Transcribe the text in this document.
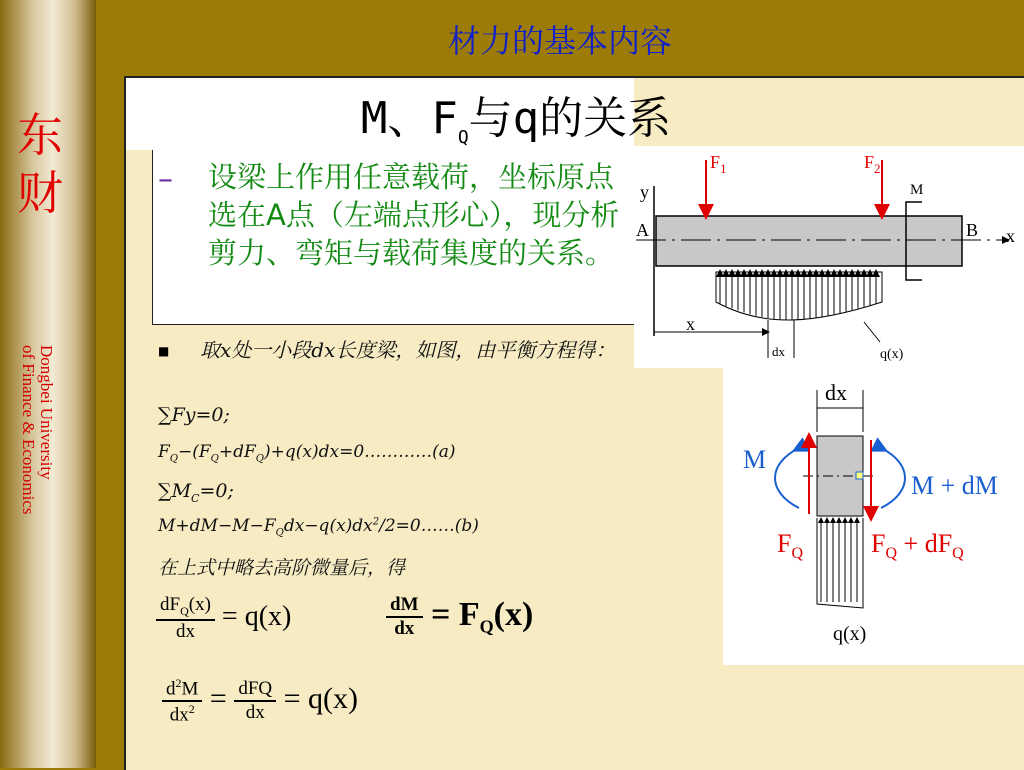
东
财
Dongbei University
of Finance & Economics
材力的基本内容
M、$F_Q$与q的关系
– 设梁上作用任意载荷，坐标原点选在A点（左端点形心），现分析剪力、弯矩与载荷集度的关系。
■ 取x处一小段dx长度梁，如图，由平衡方程得：
∑Fy=0;
$F_Q-(F_Q+dF_Q)+q(x)dx=0\dots\dots\dots\dots(a)$
$\sum M_C=0$;
$M+dM-M-F_Qdx-q(x)dx^2/2=0\dots\dots(b)$
在上式中略去高阶微量后，得
$\frac{dF_Q(x)}{dx} = q(x)$	$\frac{dM}{dx} = F_Q(x)$
$\frac{d^2M}{dx^2} = \frac{\text{dFQ}}{dx} = q(x)$
y
A	B x
$F_1$	$F_2$
M
x
dx	q(x)
dx
M
M + dM
$F_Q$	$F_Q + dF_Q$
q(x)
